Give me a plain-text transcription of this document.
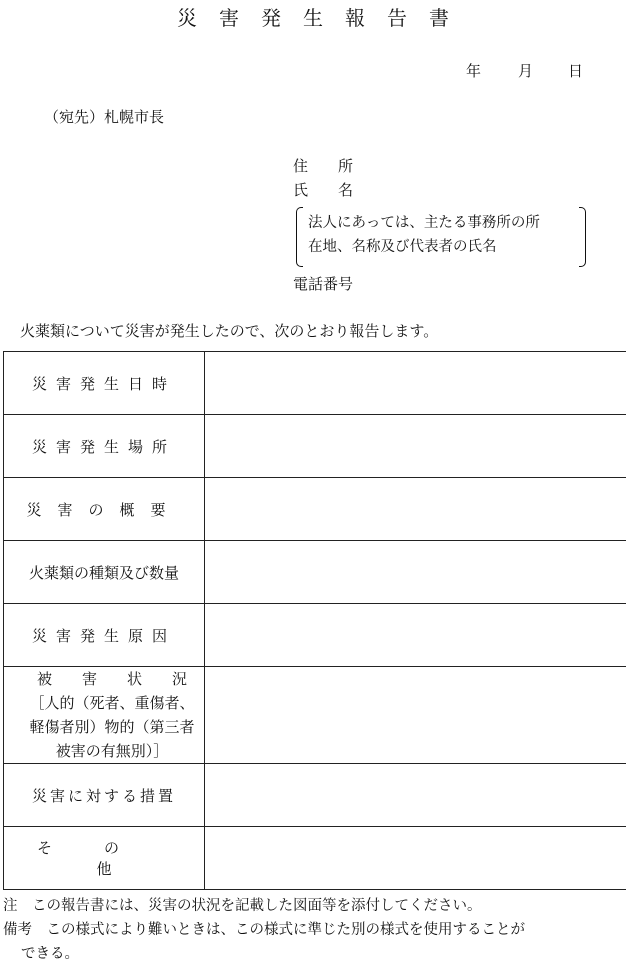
災害発生報告書
年 月 日
（宛先）札幌市長
住　　所
氏　　名
法人にあっては、主たる事務所の所
在地、名称及び代表者の氏名
電話番号
火薬類について災害が発生したので、次のとおり報告します。
災害発生日時	
災害発生場所	
災害の概要	
火薬類の種類及び数量	
災害発生原因	

被　　害　　状　　況
［人的（死者、重傷者、
軽傷者別）物的（第三者
被害の有無別）］	

災害に対する措置	
その他	
注　この報告書には、災害の状況を記載した図面等を添付してください。
備考　この様式により難いときは、この様式に準じた別の様式を使用することが
できる。
